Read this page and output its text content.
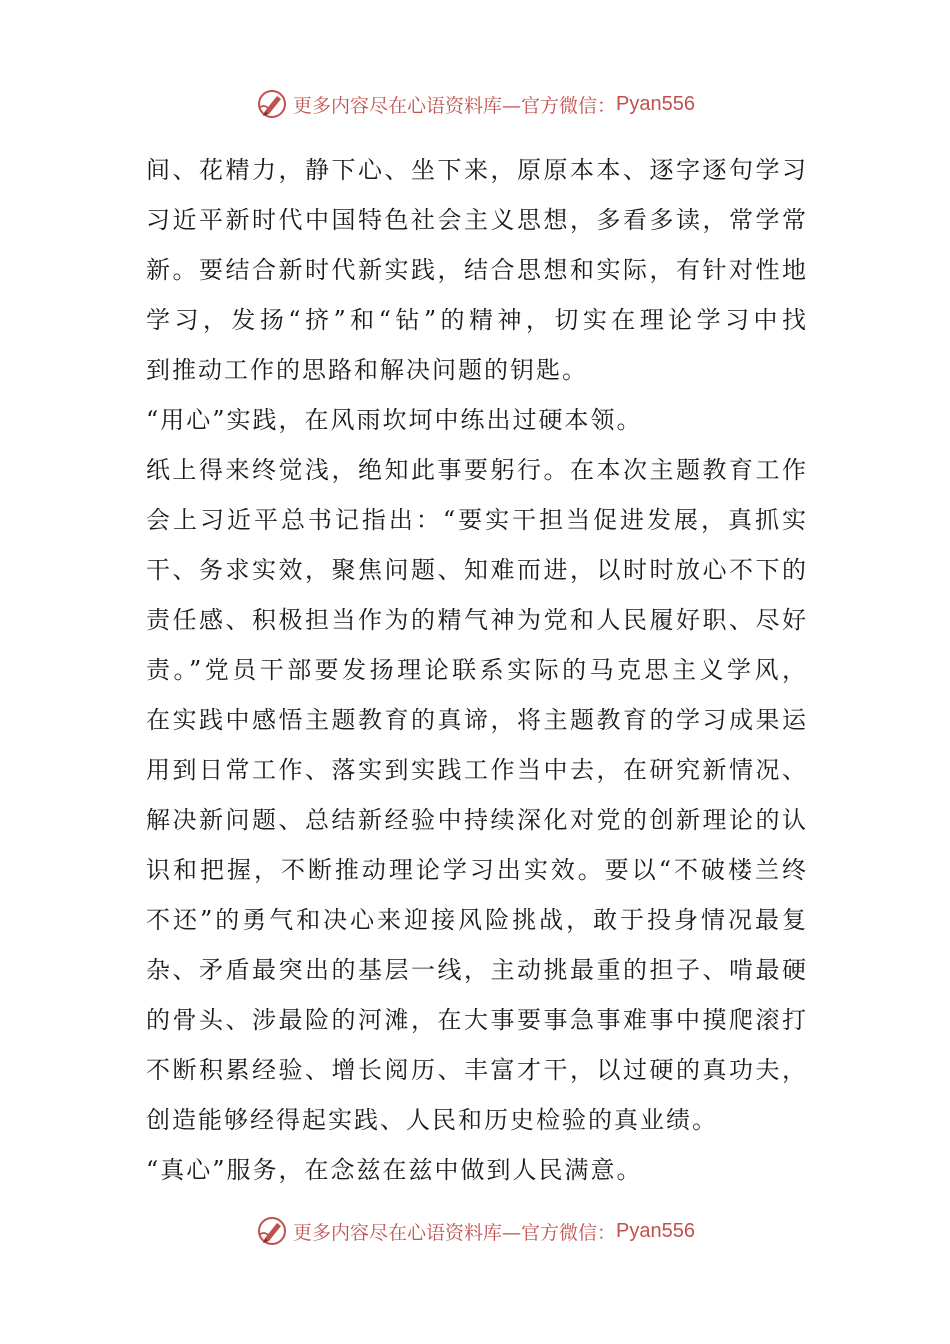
更多内容尽在心语资料库—官方微信： Pyan556
间、花精力，静下心、坐下来，原原本本、逐字逐句学习
习近平新时代中国特色社会主义思想，多看多读，常学常
新。要结合新时代新实践，结合思想和实际，有针对性地
学习，发扬“挤”和“钻”的精神，切实在理论学习中找
到推动工作的思路和解决问题的钥匙。
“用心”实践，在风雨坎坷中练出过硬本领。
纸上得来终觉浅，绝知此事要躬行。在本次主题教育工作
会上习近平总书记指出：“要实干担当促进发展，真抓实
干、务求实效，聚焦问题、知难而进，以时时放心不下的
责任感、积极担当作为的精气神为党和人民履好职、尽好
责。”党员干部要发扬理论联系实际的马克思主义学风，
在实践中感悟主题教育的真谛，将主题教育的学习成果运
用到日常工作、落实到实践工作当中去，在研究新情况、
解决新问题、总结新经验中持续深化对党的创新理论的认
识和把握，不断推动理论学习出实效。要以“不破楼兰终
不还”的勇气和决心来迎接风险挑战，敢于投身情况最复
杂、矛盾最突出的基层一线，主动挑最重的担子、啃最硬
的骨头、涉最险的河滩，在大事要事急事难事中摸爬滚打
不断积累经验、增长阅历、丰富才干，以过硬的真功夫，
创造能够经得起实践、人民和历史检验的真业绩。
“真心”服务，在念兹在兹中做到人民满意。
更多内容尽在心语资料库—官方微信： Pyan556
